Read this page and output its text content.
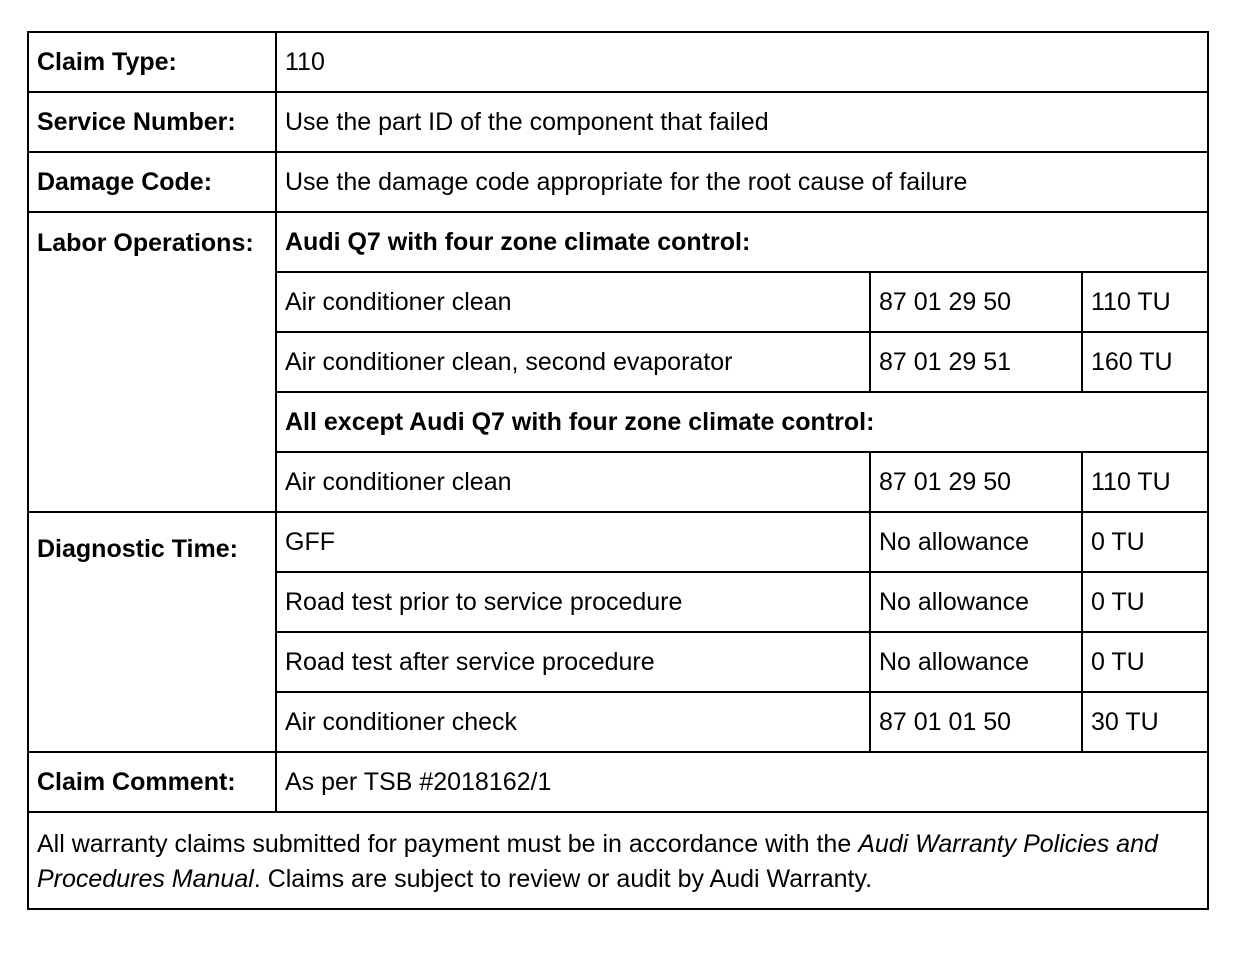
Claim Type:	110		
Service Number:	Use the part ID of the component that failed		
Damage Code:	Use the damage code appropriate for the root cause of failure		
Labor Operations:	Audi Q7 with four zone climate control:		
	Air conditioner clean	87 01 29 50	110 TU
	Air conditioner clean, second evaporator	87 01 29 51	160 TU
	All except Audi Q7 with four zone climate control:		
	Air conditioner clean	87 01 29 50	110 TU
Diagnostic Time:	GFF	No allowance	0 TU
	Road test prior to service procedure	No allowance	0 TU
	Road test after service procedure	No allowance	0 TU
	Air conditioner check	87 01 01 50	30 TU
Claim Comment:	As per TSB #2018162/1		
All warranty claims submitted for payment must be in accordance with the Audi Warranty Policies and Procedures Manual. Claims are subject to review or audit by Audi Warranty.			
